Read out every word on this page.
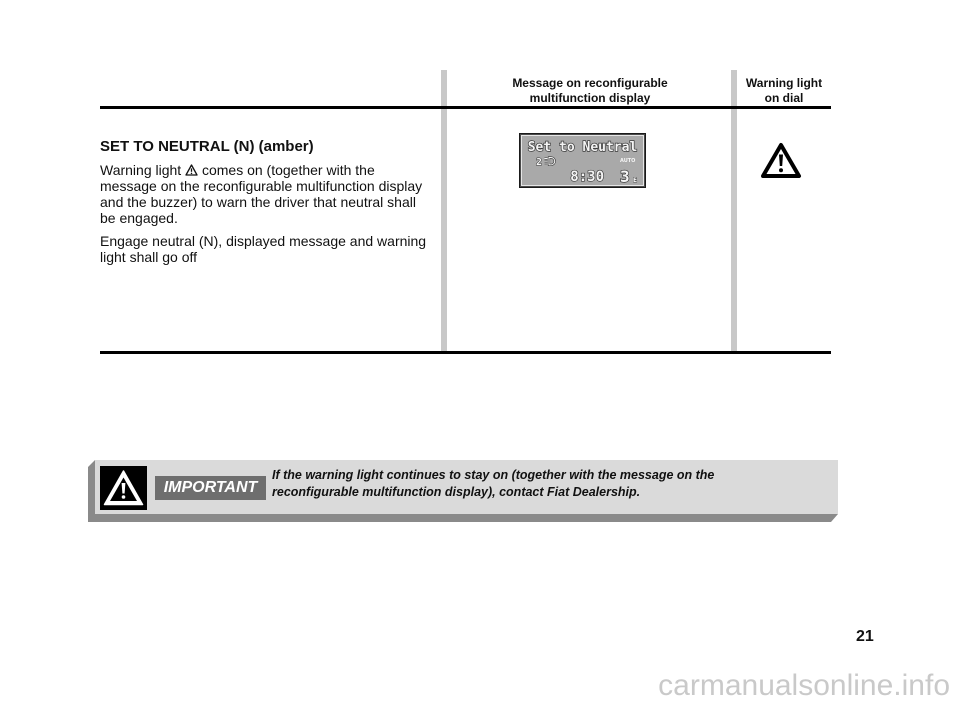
Message on reconfigurable
multifunction display
Warning light
on dial
SET TO NEUTRAL (N) (amber)
Warning light comes on (together with the
message on the reconfigurable multifunction display
and the buzzer) to warn the driver that neutral shall
be engaged.
Engage neutral (N), displayed message and warning
light shall go off
Set to Neutral
2	AUTO
8:30 3 E
IMPORTANT
If the warning light continues to stay on (together with the message on the
reconfigurable multifunction display), contact Fiat Dealership.
21
carmanualsonline.info
